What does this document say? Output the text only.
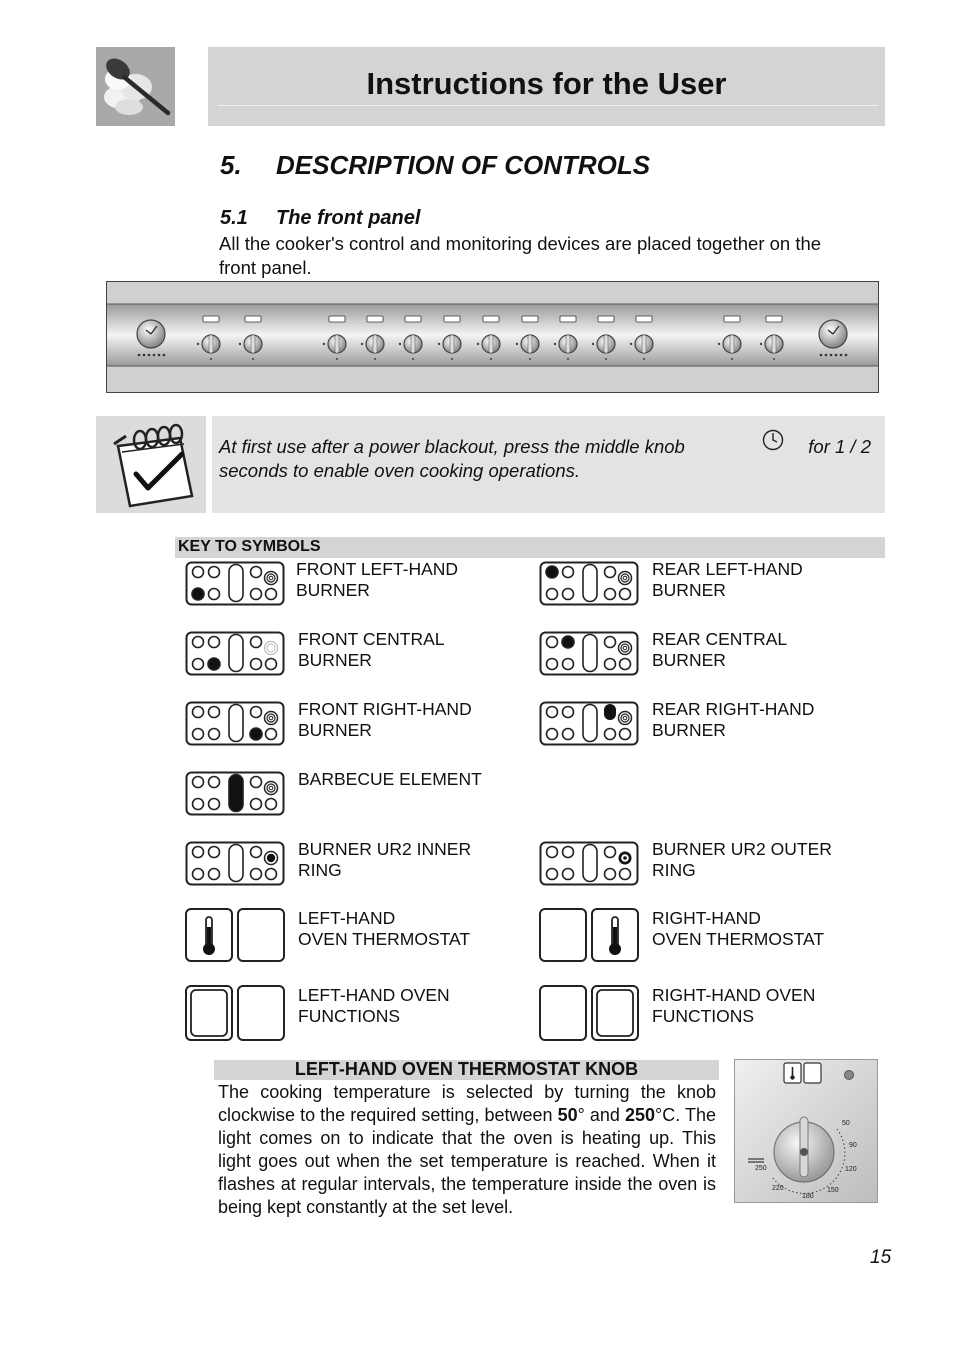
Instructions for the User
5. DESCRIPTION OF CONTROLS
5.1 The front panel
All the cooker's control and monitoring devices are placed together on the
front panel.
At first use after a power blackout, press the middle knob	for 1 / 2
seconds to enable oven cooking operations.
KEY TO SYMBOLS
FRONT LEFT-HAND
BURNER
REAR LEFT-HAND
BURNER
FRONT CENTRAL
BURNER
REAR CENTRAL
BURNER
FRONT RIGHT-HAND
BURNER
REAR RIGHT-HAND
BURNER
BARBECUE ELEMENT
BURNER UR2 INNER
RING
BURNER UR2 OUTER
RING
LEFT-HAND
OVEN THERMOSTAT
RIGHT-HAND
OVEN THERMOSTAT
LEFT-HAND OVEN
FUNCTIONS
RIGHT-HAND OVEN
FUNCTIONS
LEFT-HAND OVEN THERMOSTAT KNOB
The cooking temperature is selected by turning the knob clockwise to the required setting, between 50° and 250°C. The light comes on to indicate that the oven is heating up. This light goes out when the set temperature is reached. When it flashes at regular intervals, the temperature inside the oven is being kept constantly at the set level.
50
90
120
150
180
220
250
15
